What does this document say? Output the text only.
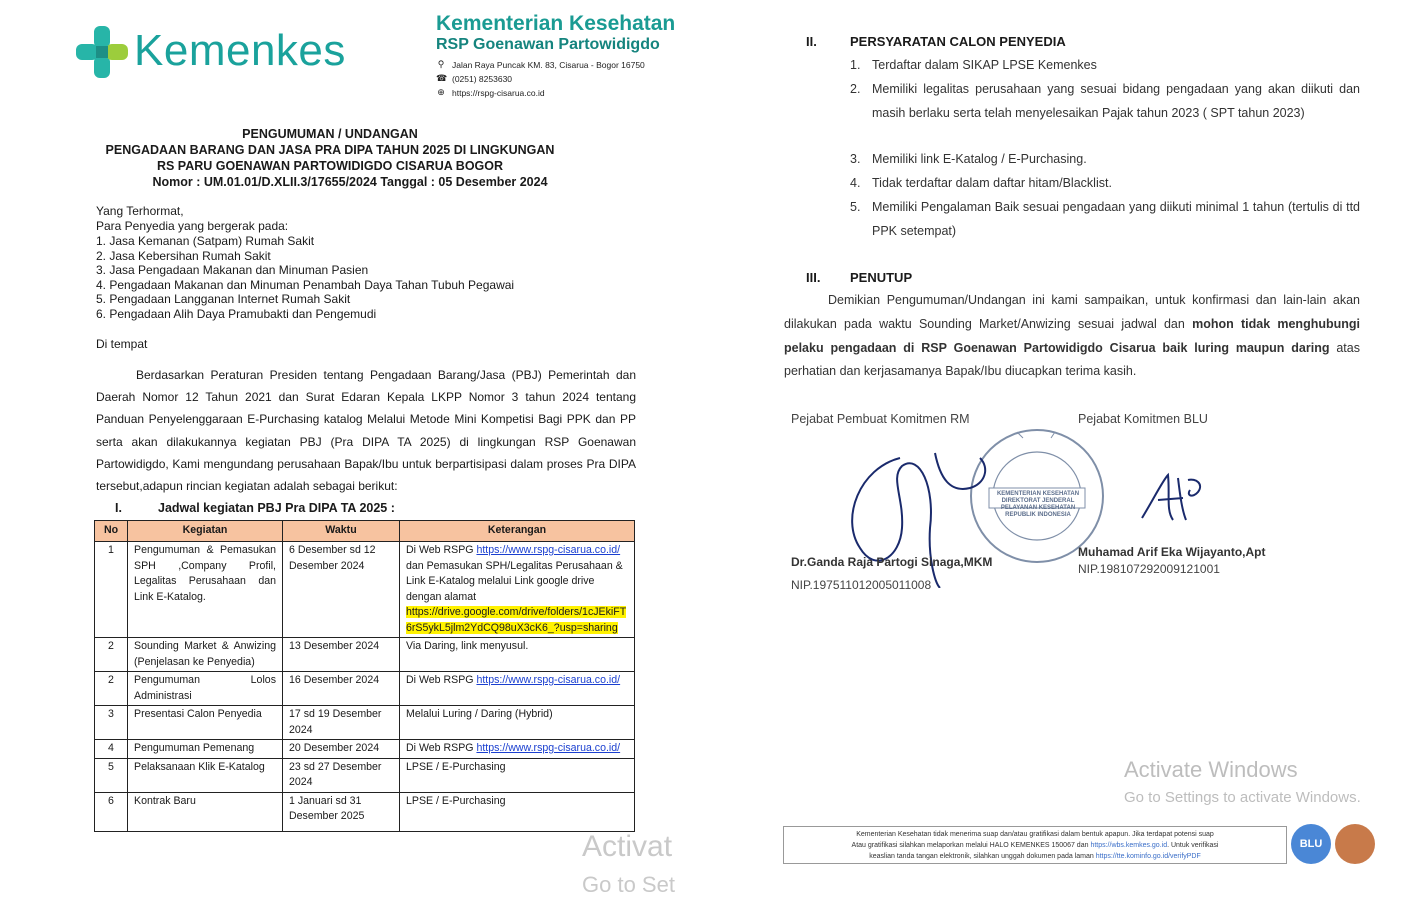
Kemenkes
Kementerian Kesehatan
RSP Goenawan Partowidigdo
⚲ Jalan Raya Puncak KM. 83, Cisarua - Bogor 16750
☎ (0251) 8253630
⊕ https://rspg-cisarua.co.id
PENGUMUMAN / UNDANGAN
PENGADAAN BARANG DAN JASA PRA DIPA TAHUN 2025 DI LINGKUNGAN
RS PARU GOENAWAN PARTOWIDIGDO CISARUA BOGOR
Nomor : UM.01.01/D.XLII.3/17655/2024 Tanggal : 05 Desember 2024
Yang Terhormat,
Para Penyedia yang bergerak pada:
1. Jasa Kemanan (Satpam) Rumah Sakit
2. Jasa Kebersihan Rumah Sakit
3. Jasa Pengadaan Makanan dan Minuman Pasien
4. Pengadaan Makanan dan Minuman Penambah Daya Tahan Tubuh Pegawai
5. Pengadaan Langganan Internet Rumah Sakit
6. Pengadaan Alih Daya Pramubakti dan Pengemudi
Di tempat
Berdasarkan Peraturan Presiden tentang Pengadaan Barang/Jasa (PBJ) Pemerintah dan Daerah Nomor 12 Tahun 2021 dan Surat Edaran Kepala LKPP Nomor 3 tahun 2024 tentang Panduan Penyelenggaraan E-Purchasing katalog Melalui Metode Mini Kompetisi Bagi PPK dan PP serta akan dilakukannya kegiatan PBJ (Pra DIPA TA 2025) di lingkungan RSP Goenawan Partowidigdo, Kami mengundang perusahaan Bapak/Ibu untuk berpartisipasi dalam proses Pra DIPA tersebut,adapun rincian kegiatan adalah sebagai berikut:
I.	Jadwal kegiatan PBJ Pra DIPA TA 2025 :
No	Kegiatan	Waktu	Keterangan
1	Pengumuman & Pemasukan SPH ,Company Profil, Legalitas Perusahaan dan Link E-Katalog.	6 Desember sd 12 Desember 2024	Di Web RSPG https://www.rspg-cisarua.co.id/
dan Pemasukan SPH/Legalitas Perusahaan & Link E-Katalog melalui Link google drive dengan alamat
https://drive.google.com/drive/folders/1cJEkiFT6rS5ykL5jlm2YdCQ98uX3cK6_?usp=sharing
2	Sounding Market & Anwizing (Penjelasan ke Penyedia)	13 Desember 2024	Via Daring, link menyusul.
2	Pengumuman Lolos Administrasi	16 Desember 2024	Di Web RSPG https://www.rspg-cisarua.co.id/
3	Presentasi Calon Penyedia	17 sd 19 Desember 2024	Melalui Luring / Daring (Hybrid)
4	Pengumuman Pemenang	20 Desember 2024	Di Web RSPG https://www.rspg-cisarua.co.id/
5	Pelaksanaan Klik E-Katalog	23 sd 27 Desember 2024	LPSE / E-Purchasing
6	Kontrak Baru	1 Januari sd 31 Desember 2025	LPSE / E-Purchasing
Activat
Go to Set
II.	PERSYARATAN CALON PENYEDIA
1. Terdaftar dalam SIKAP LPSE Kemenkes
2. Memiliki legalitas perusahaan yang sesuai bidang pengadaan yang akan diikuti dan masih berlaku serta telah menyelesaikan Pajak tahun 2023 ( SPT tahun 2023)
3. Memiliki link E-Katalog / E-Purchasing.
4. Tidak terdaftar dalam daftar hitam/Blacklist.
5. Memiliki Pengalaman Baik sesuai pengadaan yang diikuti minimal 1 tahun (tertulis di ttd PPK setempat)
III. PENUTUP
Demikian Pengumuman/Undangan ini kami sampaikan, untuk konfirmasi dan lain-lain akan dilakukan pada waktu Sounding Market/Anwizing sesuai jadwal dan mohon tidak menghubungi pelaku pengadaan di RSP Goenawan Partowidigdo Cisarua baik luring maupun daring atas perhatian dan kerjasamanya Bapak/Ibu diucapkan terima kasih.
Pejabat Pembuat Komitmen RM	Pejabat Komitmen BLU
KEMENTERIAN KESEHATAN DIREKTORAT JENDERAL PELAYANAN KESEHATAN REPUBLIK INDONESIA
Dr.Ganda Raja Partogi Sinaga,MKM
NIP.197511012005011008
Muhamad Arif Eka Wijayanto,Apt
NIP.198107292009121001
Activate Windows
Go to Settings to activate Windows.
Kementerian Kesehatan tidak menerima suap dan/atau gratifikasi dalam bentuk apapun. Jika terdapat potensi suap
Atau gratifikasi silahkan melaporkan melalui HALO KEMENKES 150067 dan https://wbs.kemkes.go.id. Untuk verifikasi
keaslian tanda tangan elektronik, silahkan unggah dokumen pada laman https://tte.kominfo.go.id/verifyPDF
BLU
